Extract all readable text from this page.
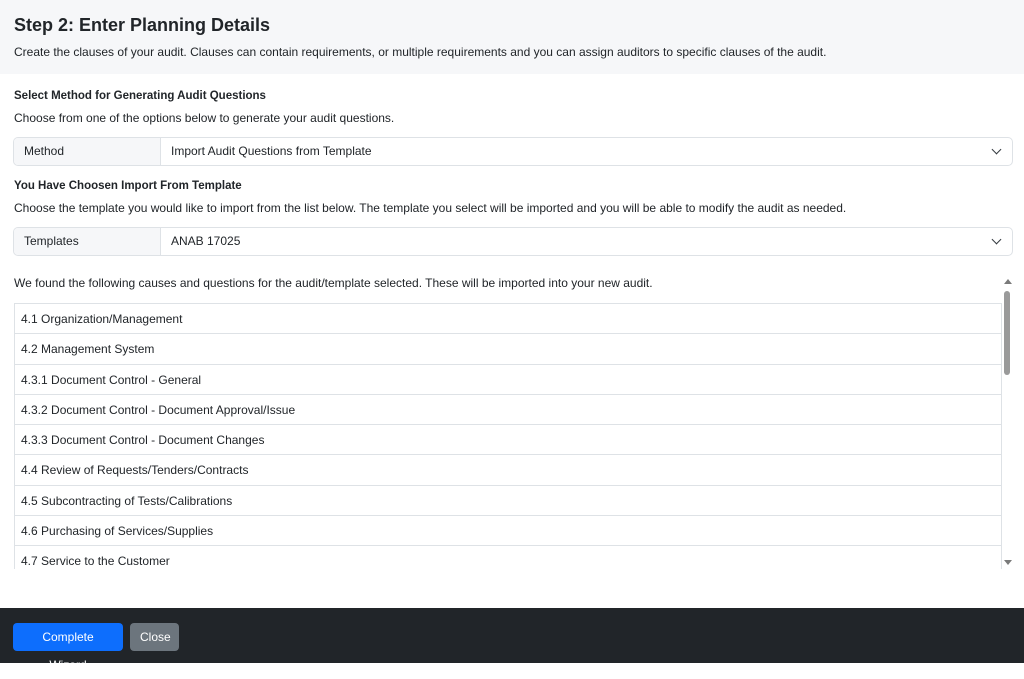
Step 2: Enter Planning Details

Create the clauses of your audit. Clauses can contain requirements, or multiple requirements and you can assign auditors to specific clauses of the audit.

Select Method for Generating Audit Questions
Choose from one of the options below to generate your audit questions.
Method	Import Audit Questions from Template
You Have Choosen Import From Template
Choose the template you would like to import from the list below. The template you select will be imported and you will be able to modify the audit as needed.
Templates	ANAB 17025
We found the following causes and questions for the audit/template selected. These will be imported into your new audit.
4.1 Organization/Management
4.2 Management System
4.3.1 Document Control - General
4.3.2 Document Control - Document Approval/Issue
4.3.3 Document Control - Document Changes
4.4 Review of Requests/Tenders/Contracts
4.5 Subcontracting of Tests/Calibrations
4.6 Purchasing of Services/Supplies
4.7 Service to the Customer
Complete Wizard
Close
